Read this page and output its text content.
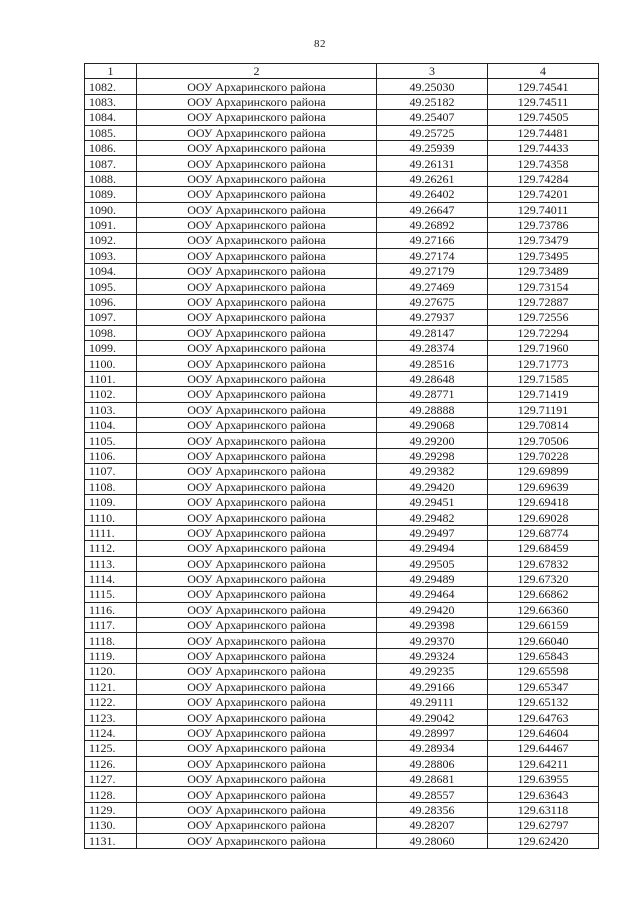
82
1	2	3	4
1082.	ООУ Архаринского района	49.25030	129.74541
1083.	ООУ Архаринского района	49.25182	129.74511
1084.	ООУ Архаринского района	49.25407	129.74505
1085.	ООУ Архаринского района	49.25725	129.74481
1086.	ООУ Архаринского района	49.25939	129.74433
1087.	ООУ Архаринского района	49.26131	129.74358
1088.	ООУ Архаринского района	49.26261	129.74284
1089.	ООУ Архаринского района	49.26402	129.74201
1090.	ООУ Архаринского района	49.26647	129.74011
1091.	ООУ Архаринского района	49.26892	129.73786
1092.	ООУ Архаринского района	49.27166	129.73479
1093.	ООУ Архаринского района	49.27174	129.73495
1094.	ООУ Архаринского района	49.27179	129.73489
1095.	ООУ Архаринского района	49.27469	129.73154
1096.	ООУ Архаринского района	49.27675	129.72887
1097.	ООУ Архаринского района	49.27937	129.72556
1098.	ООУ Архаринского района	49.28147	129.72294
1099.	ООУ Архаринского района	49.28374	129.71960
1100.	ООУ Архаринского района	49.28516	129.71773
1101.	ООУ Архаринского района	49.28648	129.71585
1102.	ООУ Архаринского района	49.28771	129.71419
1103.	ООУ Архаринского района	49.28888	129.71191
1104.	ООУ Архаринского района	49.29068	129.70814
1105.	ООУ Архаринского района	49.29200	129.70506
1106.	ООУ Архаринского района	49.29298	129.70228
1107.	ООУ Архаринского района	49.29382	129.69899
1108.	ООУ Архаринского района	49.29420	129.69639
1109.	ООУ Архаринского района	49.29451	129.69418
1110.	ООУ Архаринского района	49.29482	129.69028
1111.	ООУ Архаринского района	49.29497	129.68774
1112.	ООУ Архаринского района	49.29494	129.68459
1113.	ООУ Архаринского района	49.29505	129.67832
1114.	ООУ Архаринского района	49.29489	129.67320
1115.	ООУ Архаринского района	49.29464	129.66862
1116.	ООУ Архаринского района	49.29420	129.66360
1117.	ООУ Архаринского района	49.29398	129.66159
1118.	ООУ Архаринского района	49.29370	129.66040
1119.	ООУ Архаринского района	49.29324	129.65843
1120.	ООУ Архаринского района	49.29235	129.65598
1121.	ООУ Архаринского района	49.29166	129.65347
1122.	ООУ Архаринского района	49.29111	129.65132
1123.	ООУ Архаринского района	49.29042	129.64763
1124.	ООУ Архаринского района	49.28997	129.64604
1125.	ООУ Архаринского района	49.28934	129.64467
1126.	ООУ Архаринского района	49.28806	129.64211
1127.	ООУ Архаринского района	49.28681	129.63955
1128.	ООУ Архаринского района	49.28557	129.63643
1129.	ООУ Архаринского района	49.28356	129.63118
1130.	ООУ Архаринского района	49.28207	129.62797
1131.	ООУ Архаринского района	49.28060	129.62420
